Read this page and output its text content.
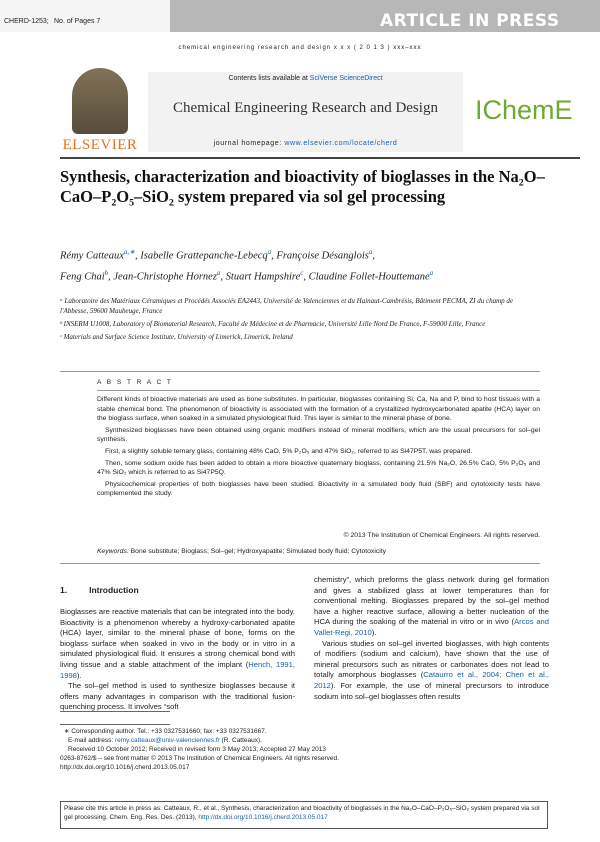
CHERD-1253; No. of Pages 7	ARTICLE IN PRESS
chemical engineering research and design x x x ( 2 0 1 3 ) xxx–xxx
ELSEVIER
Contents lists available at SciVerse ScienceDirect
Chemical Engineering Research and Design
journal homepage: www.elsevier.com/locate/cherd
IChemE
Synthesis, characterization and bioactivity of bioglasses in the Na₂O–CaO–P₂O₅–SiO₂ system prepared via sol gel processing
Rémy Catteaux$^{a,∗}$, Isabelle Grattepanche-Lebecq$^a$, Françoise Désanglois$^a$,
Feng Chai$^b$, Jean-Christophe Hornez$^a$, Stuart Hampshire$^c$, Claudine Follet-Houttemane$^a$
ᵃ Laboratoire des Matériaux Céramiques et Procédés Associés EA2443, Université de Valenciennes et du Hainaut-Cambrésis, Bâtiment PECMA, ZI du champ de l'Abbesse, 59600 Maubeuge, France
ᵇ INSERM U1008, Laboratory of Biomaterial Research, Faculté de Médecine et de Pharmacie, Université Lille Nord De France, F-59000 Lille, France
ᶜ Materials and Surface Science Institute, University of Limerick, Limerick, Ireland
A B S T R A C T

Different kinds of bioactive materials are used as bone substitutes. In particular, bioglasses containing Si, Ca, Na and P, bind to host tissues with a stable chemical bond. The phenomenon of bioactivity is associated with the formation of a crystallized hydroxycarbonated apatite (HCA) layer on the bioglass surface, when soaked in a simulated physiological fluid. This layer is similar to the mineral phase of bone.

Synthesized bioglasses have been obtained using organic modifiers instead of mineral modifiers, which are the usual precursors for sol–gel synthesis.

First, a slightly soluble ternary glass, containing 48% CaO, 5% P₂O₅ and 47% SiO₂, referred to as Si47P5T, was prepared.

Then, some sodium oxide has been added to obtain a more bioactive quaternary bioglass, containing 21.5% Na₂O, 26.5% CaO, 5% P₂O₅ and 47% SiO₂ which is referred to as Si47P5Q.

Physicochemical properties of both bioglasses have been studied. Bioactivity in a simulated body fluid (SBF) and cytotoxicity tests have complemented the study.

© 2013 The Institution of Chemical Engineers. All rights reserved.
Keywords: Bone substitute; Bioglass; Sol–gel; Hydroxyapatite; Simulated body fluid; Cytotoxicity
1.	Introduction

Bioglasses are reactive materials that can be integrated into the body. Bioactivity is a phenomenon whereby a hydroxy-carbonated apatite (HCA) layer, similar to the mineral phase of bone, forms on the bioglass surface when soaked in vivo in the body or in vitro in a simulated physiological fluid. It ensures a strong chemical bond with living tissue and a stable attachment of the implant (Hench, 1991, 1998).

The sol–gel method is used to synthesize bioglasses because it offers many advantages in comparison with the traditional fusion-quenching process. It involves “soft

chemistry”, which preforms the glass network during gel formation and gives a stabilized glass at lower temperatures than for conventional melting. Bioglasses prepared by the sol–gel method have a higher reactive surface, allowing a better nucleation of the HCA during the soaking of the material in vitro or in vivo (Arcos and Vallet-Regi, 2010).

Various studies on sol–gel inverted bioglasses, with high contents of modifiers (sodium and calcium), have shown that the use of mineral precursors such as nitrates or carbonates does not lead to totally amorphous bioglasses (Cataurro et al., 2004; Chen et al., 2012). For example, the use of mineral precursors to introduce sodium into sol–gel bioglasses often results

Please cite this article in press as: Catteaux, R., et al., Synthesis, characterization and bioactivity of bioglasses in the Na₂O–CaO–P₂O₅–SiO₂ system prepared via sol gel processing. Chem. Eng. Res. Des. (2013), http://dx.doi.org/10.1016/j.cherd.2013.05.017
∗ Corresponding author. Tel.: +33 0327531660; fax: +33 0327531667.
E-mail address: remy.catteaux@univ-valenciennes.fr (R. Catteaux).
Received 10 October 2012; Received in revised form 3 May 2013; Accepted 27 May 2013
0263-8762/$ – see front matter © 2013 The Institution of Chemical Engineers. All rights reserved.
http://dx.doi.org/10.1016/j.cherd.2013.05.017
